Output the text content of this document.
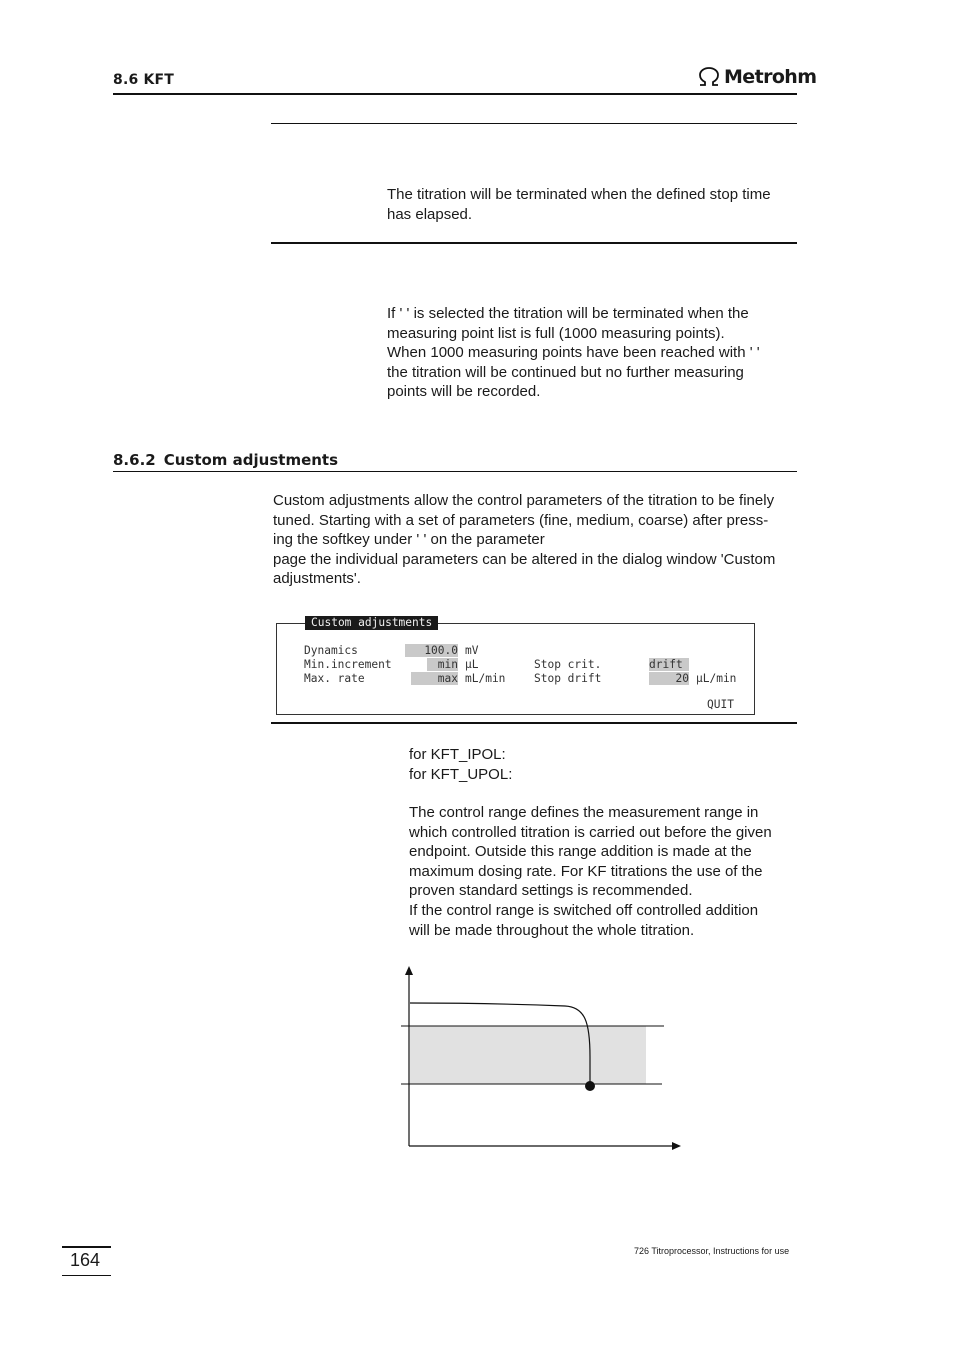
8.6 KFT	Metrohm

The titration will be terminated when the defined stop time

has elapsed.

If ' ' is selected the titration will be terminated when the

measuring point list is full (1000 measuring points).

When 1000 measuring points have been reached with ' '

the titration will be continued but no further measuring

points will be recorded.

8.6.2 Custom adjustments

Custom adjustments allow the control parameters of the titration to be finely

tuned. Starting with a set of parameters (fine, medium, coarse) after press-

ing the softkey under ' ' on the parameter

page the individual parameters can be altered in the dialog window 'Custom

adjustments'.

Custom adjustments
Dynamics	100.0 mV
Min.increment	min µL
Max. rate	max mL/min
Stop crit.	drift
Stop drift	20 µL/min
QUIT

for KFT_IPOL:

for KFT_UPOL:

The control range defines the measurement range in

which controlled titration is carried out before the given

endpoint. Outside this range addition is made at the

maximum dosing rate. For KF titrations the use of the

proven standard settings is recommended.

If the control range is switched off controlled addition

will be made throughout the whole titration.

164	726 Titroprocessor, Instructions for use
